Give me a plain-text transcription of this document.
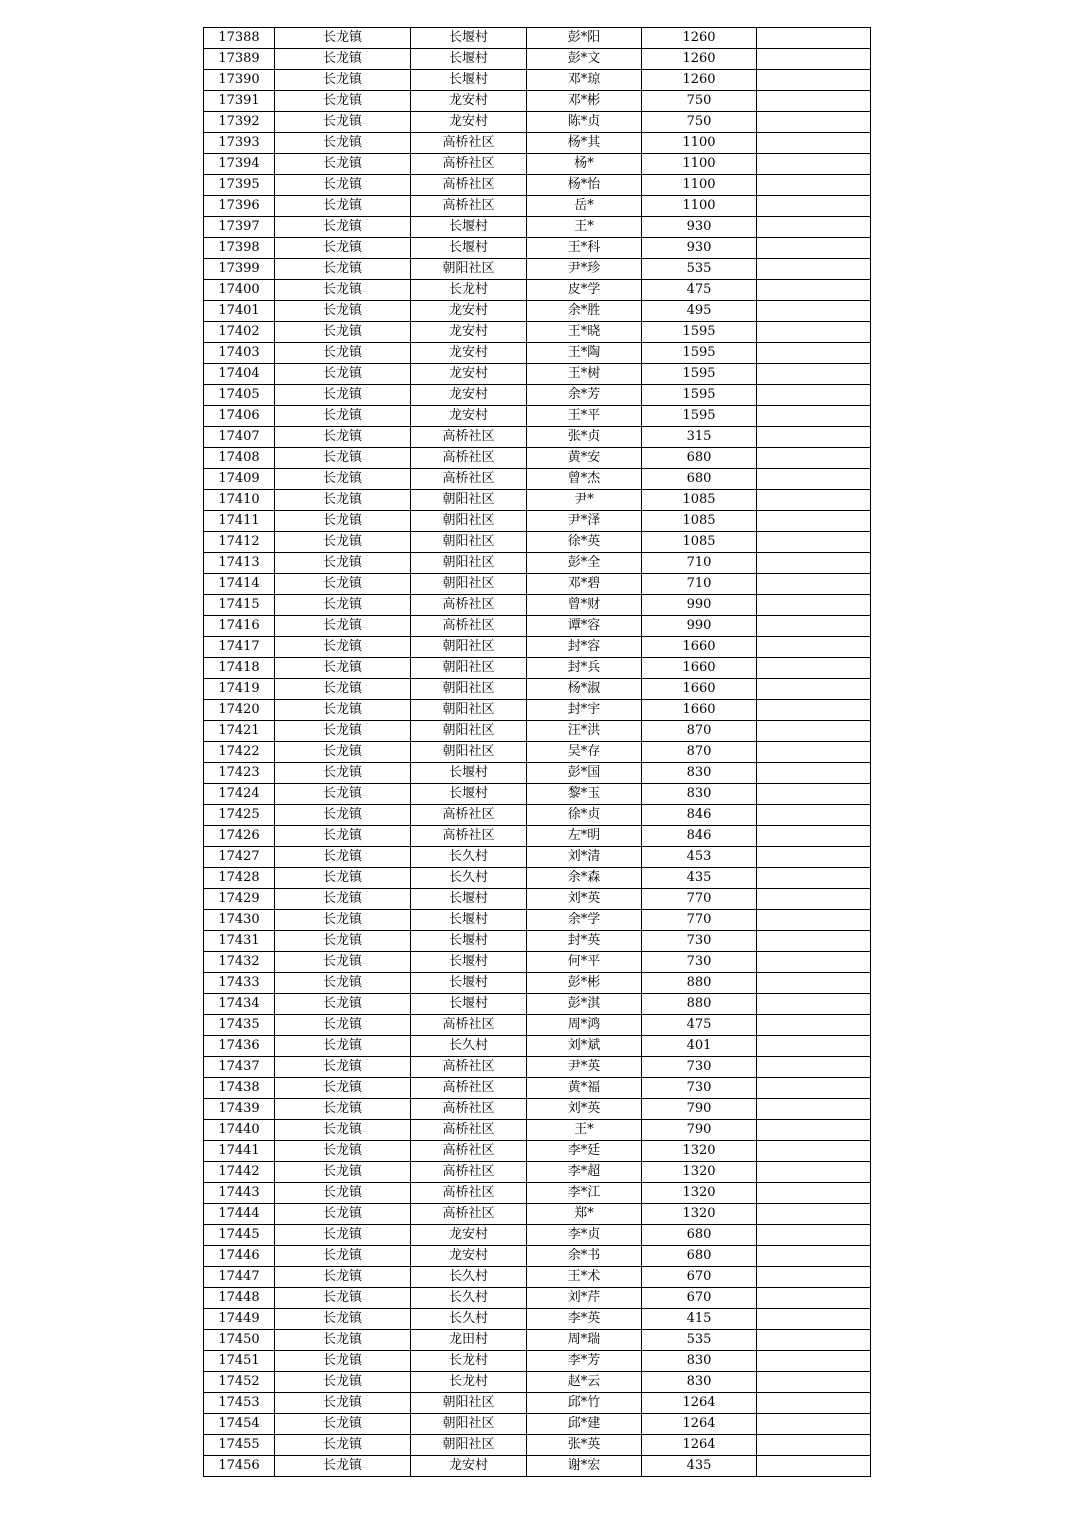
17388	长龙镇	长堰村	彭*阳	1260	
17389	长龙镇	长堰村	彭*文	1260	
17390	长龙镇	长堰村	邓*琼	1260	
17391	长龙镇	龙安村	邓*彬	750	
17392	长龙镇	龙安村	陈*贞	750	
17393	长龙镇	高桥社区	杨*其	1100	
17394	长龙镇	高桥社区	杨*	1100	
17395	长龙镇	高桥社区	杨*怡	1100	
17396	长龙镇	高桥社区	岳*	1100	
17397	长龙镇	长堰村	王*	930	
17398	长龙镇	长堰村	王*科	930	
17399	长龙镇	朝阳社区	尹*珍	535	
17400	长龙镇	长龙村	皮*学	475	
17401	长龙镇	龙安村	余*胜	495	
17402	长龙镇	龙安村	王*晓	1595	
17403	长龙镇	龙安村	王*陶	1595	
17404	长龙镇	龙安村	王*树	1595	
17405	长龙镇	龙安村	余*芳	1595	
17406	长龙镇	龙安村	王*平	1595	
17407	长龙镇	高桥社区	张*贞	315	
17408	长龙镇	高桥社区	黄*安	680	
17409	长龙镇	高桥社区	曾*杰	680	
17410	长龙镇	朝阳社区	尹*	1085	
17411	长龙镇	朝阳社区	尹*泽	1085	
17412	长龙镇	朝阳社区	徐*英	1085	
17413	长龙镇	朝阳社区	彭*全	710	
17414	长龙镇	朝阳社区	邓*碧	710	
17415	长龙镇	高桥社区	曾*财	990	
17416	长龙镇	高桥社区	谭*容	990	
17417	长龙镇	朝阳社区	封*容	1660	
17418	长龙镇	朝阳社区	封*兵	1660	
17419	长龙镇	朝阳社区	杨*淑	1660	
17420	长龙镇	朝阳社区	封*宇	1660	
17421	长龙镇	朝阳社区	汪*洪	870	
17422	长龙镇	朝阳社区	吴*存	870	
17423	长龙镇	长堰村	彭*国	830	
17424	长龙镇	长堰村	黎*玉	830	
17425	长龙镇	高桥社区	徐*贞	846	
17426	长龙镇	高桥社区	左*明	846	
17427	长龙镇	长久村	刘*清	453	
17428	长龙镇	长久村	余*森	435	
17429	长龙镇	长堰村	刘*英	770	
17430	长龙镇	长堰村	余*学	770	
17431	长龙镇	长堰村	封*英	730	
17432	长龙镇	长堰村	何*平	730	
17433	长龙镇	长堰村	彭*彬	880	
17434	长龙镇	长堰村	彭*淇	880	
17435	长龙镇	高桥社区	周*鸿	475	
17436	长龙镇	长久村	刘*斌	401	
17437	长龙镇	高桥社区	尹*英	730	
17438	长龙镇	高桥社区	黄*福	730	
17439	长龙镇	高桥社区	刘*英	790	
17440	长龙镇	高桥社区	王*	790	
17441	长龙镇	高桥社区	李*廷	1320	
17442	长龙镇	高桥社区	李*超	1320	
17443	长龙镇	高桥社区	李*江	1320	
17444	长龙镇	高桥社区	郑*	1320	
17445	长龙镇	龙安村	李*贞	680	
17446	长龙镇	龙安村	余*书	680	
17447	长龙镇	长久村	王*术	670	
17448	长龙镇	长久村	刘*芹	670	
17449	长龙镇	长久村	李*英	415	
17450	长龙镇	龙田村	周*瑞	535	
17451	长龙镇	长龙村	李*芳	830	
17452	长龙镇	长龙村	赵*云	830	
17453	长龙镇	朝阳社区	邱*竹	1264	
17454	长龙镇	朝阳社区	邱*建	1264	
17455	长龙镇	朝阳社区	张*英	1264	
17456	长龙镇	龙安村	谢*宏	435	
